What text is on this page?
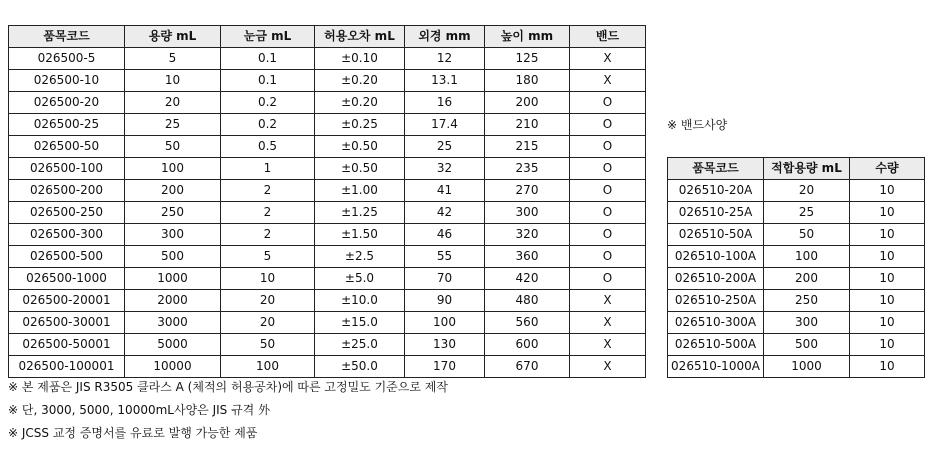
품목코드	용량 mL	눈금 mL	허용오차 mL	외경 mm	높이 mm	밴드
026500-5	5	0.1	±0.10	12	125	X
026500-10	10	0.1	±0.20	13.1	180	X
026500-20	20	0.2	±0.20	16	200	O
026500-25	25	0.2	±0.25	17.4	210	O
026500-50	50	0.5	±0.50	25	215	O
026500-100	100	1	±0.50	32	235	O
026500-200	200	2	±1.00	41	270	O
026500-250	250	2	±1.25	42	300	O
026500-300	300	2	±1.50	46	320	O
026500-500	500	5	±2.5	55	360	O
026500-1000	1000	10	±5.0	70	420	O
026500-20001	2000	20	±10.0	90	480	X
026500-30001	3000	20	±15.0	100	560	X
026500-50001	5000	50	±25.0	130	600	X
026500-100001	10000	100	±50.0	170	670	X
※ 밴드사양
품목코드	적합용량 mL	수량
026510-20A	20	10
026510-25A	25	10
026510-50A	50	10
026510-100A	100	10
026510-200A	200	10
026510-250A	250	10
026510-300A	300	10
026510-500A	500	10
026510-1000A	1000	10
※ 본 제품은 JIS R3505 클라스 A (체적의 허용공차)에 따른 고정밀도 기준으로 제작
※ 단, 3000, 5000, 10000mL사양은 JIS 규격 外
※ JCSS 교정 증명서를 유료로 발행 가능한 제품
